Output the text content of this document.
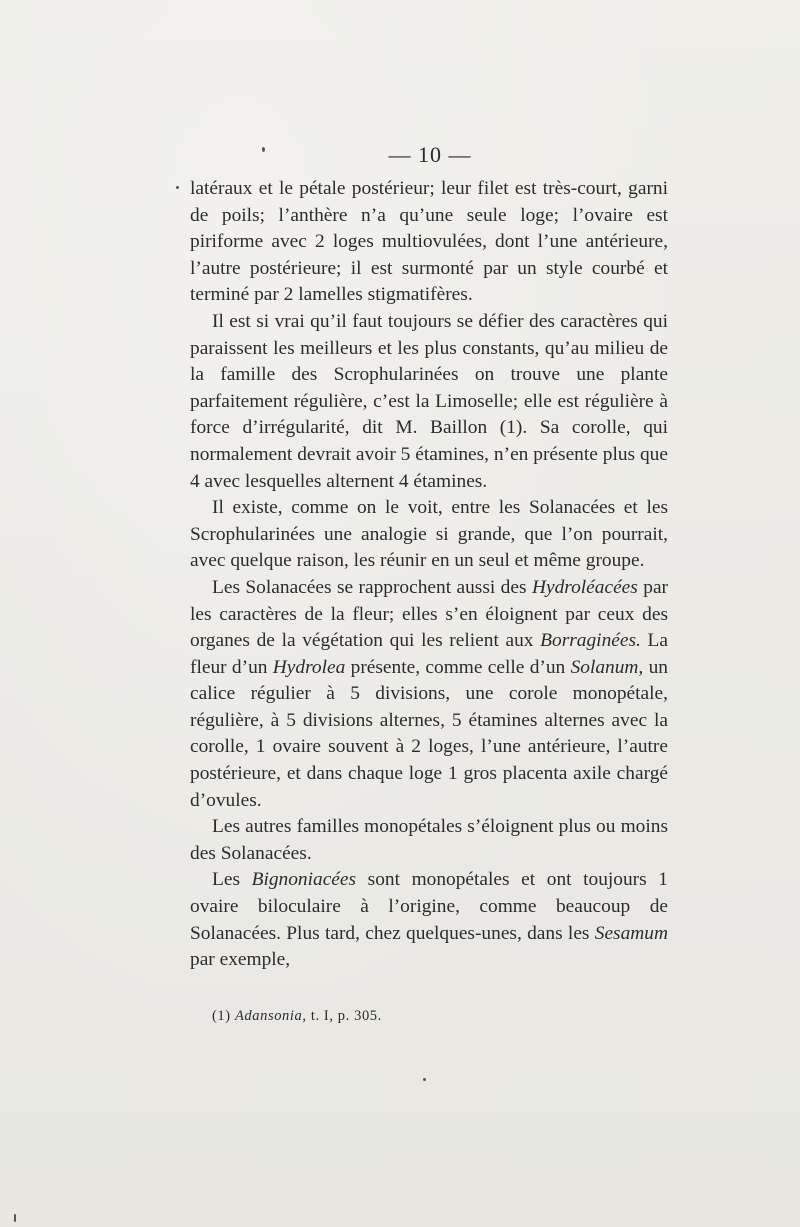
— 10 —

latéraux et le pétale postérieur; leur filet est très-court, garni de poils; l’anthère n’a qu’une seule loge; l’ovaire est piriforme avec 2 loges multiovulées, dont l’une antérieure, l’autre postérieure; il est surmonté par un style courbé et terminé par 2 lamelles stigmatifères.

Il est si vrai qu’il faut toujours se défier des caractères qui paraissent les meilleurs et les plus constants, qu’au milieu de la famille des Scrophularinées on trouve une plante parfaitement régulière, c’est la Limoselle; elle est régulière à force d’irrégularité, dit M. Baillon (1). Sa corolle, qui normalement devrait avoir 5 étamines, n’en présente plus que 4 avec lesquelles alternent 4 étamines.

Il existe, comme on le voit, entre les Solanacées et les Scrophularinées une analogie si grande, que l’on pourrait, avec quelque raison, les réunir en un seul et même groupe.

Les Solanacées se rapprochent aussi des Hydroléacées par les caractères de la fleur; elles s’en éloignent par ceux des organes de la végétation qui les relient aux Borraginées. La fleur d’un Hydrolea présente, comme celle d’un Solanum, un calice régulier à 5 divisions, une corole monopétale, régulière, à 5 divisions alternes, 5 étamines alternes avec la corolle, 1 ovaire souvent à 2 loges, l’une antérieure, l’autre postérieure, et dans chaque loge 1 gros placenta axile chargé d’ovules.

Les autres familles monopétales s’éloignent plus ou moins des Solanacées.

Les Bignoniacées sont monopétales et ont toujours 1 ovaire biloculaire à l’origine, comme beaucoup de Solanacées. Plus tard, chez quelques-unes, dans les Sesamum par exemple,

(1) Adansonia, t. I, p. 305.
